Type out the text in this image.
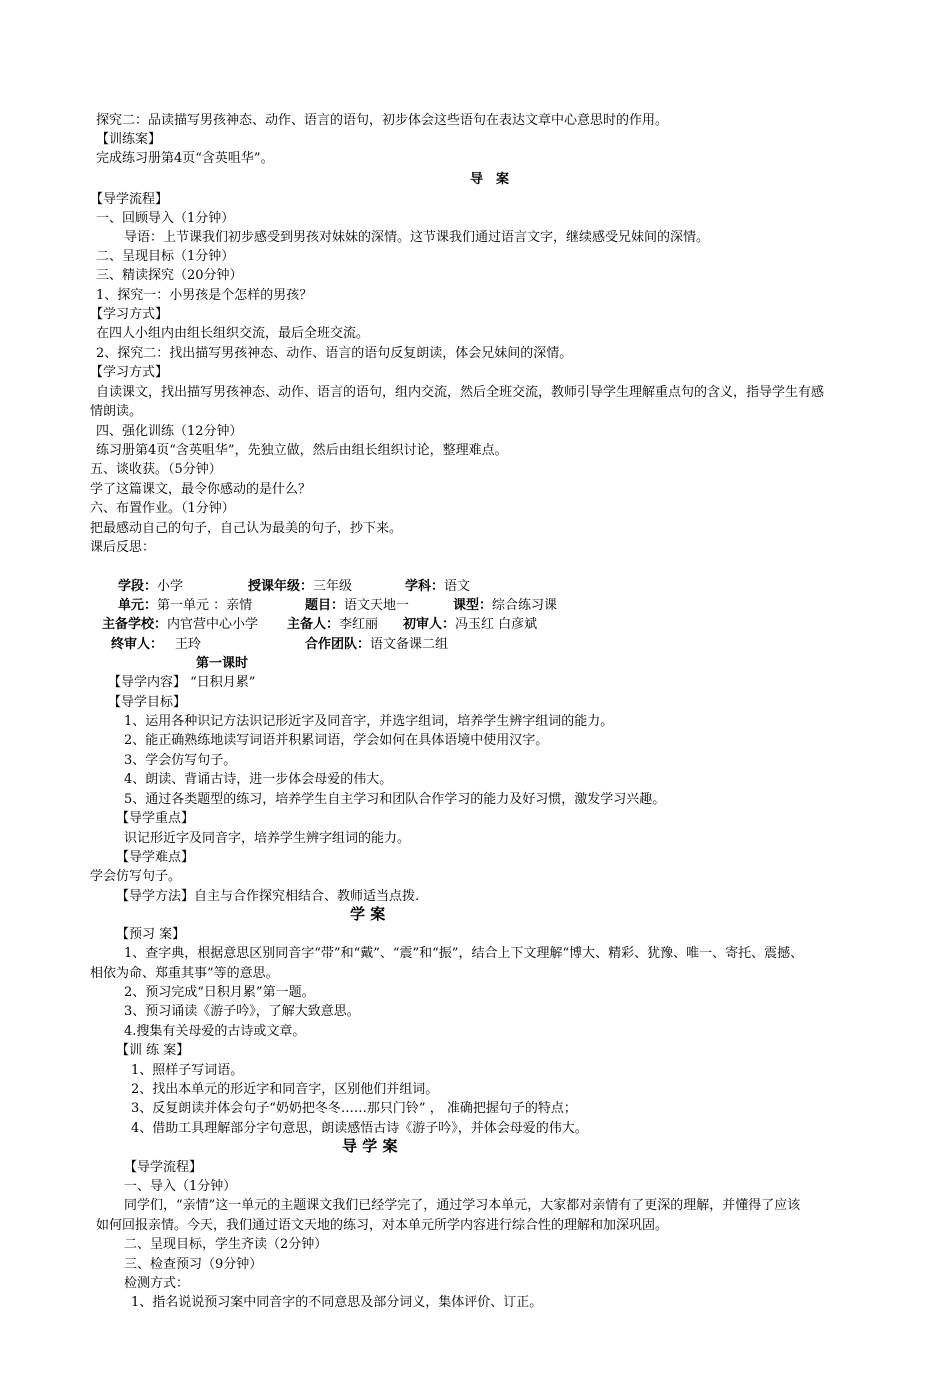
探究二：品读描写男孩神态、动作、语言的语句，初步体会这些语句在表达文章中心意思时的作用。
【训练案】
完成练习册第4页“含英咀华”。
导　案
【导学流程】
一、回顾导入（1分钟）
导语：上节课我们初步感受到男孩对妹妹的深情。这节课我们通过语言文字，继续感受兄妹间的深情。
二、呈现目标（1分钟）
三、精读探究（20分钟）
1、探究一：小男孩是个怎样的男孩？
【学习方式】
在四人小组内由组长组织交流，最后全班交流。
2、探究二：找出描写男孩神态、动作、语言的语句反复朗读，体会兄妹间的深情。
【学习方式】
自读课文，找出描写男孩神态、动作、语言的语句，组内交流，然后全班交流，教师引导学生理解重点句的含义，指导学生有感
情朗读。
四、强化训练（12分钟）
练习册第4页“含英咀华”，先独立做，然后由组长组织讨论，整理难点。
五、谈收获。（5分钟）
学了这篇课文，最令你感动的是什么？
六、布置作业。（1分钟）
把最感动自己的句子，自己认为最美的句子，抄下来。
课后反思：
学段：小学	授课年级：三年级	学科：语文
单元：第一单元 ：亲情	题目：语文天地一	课型：综合练习课
主备学校：内官营中心小学 主备人：李红丽 初审人：冯玉红 白彦斌
终审人： 王玲	合作团队：语文备课二组
第一课时
【导学内容】 “日积月累”
【导学目标】
1、运用各种识记方法识记形近字及同音字，并选字组词，培养学生辨字组词的能力。
2、能正确熟练地读写词语并积累词语，学会如何在具体语境中使用汉字。
3、学会仿写句子。
4、朗读、背诵古诗，进一步体会母爱的伟大。
5、通过各类题型的练习，培养学生自主学习和团队合作学习的能力及好习惯，激发学习兴趣。
【导学重点】
识记形近字及同音字，培养学生辨字组词的能力。
【导学难点】
学会仿写句子。
【导学方法】自主与合作探究相结合、教师适当点拨.
学 案
【预习 案】
1、查字典，根据意思区别同音字“带”和“戴”、“震”和“振”，结合上下文理解“博大、精彩、犹豫、唯一、寄托、震撼、
相依为命、郑重其事”等的意思。
2、预习完成“日积月累”第一题。
3、预习诵读《游子吟》，了解大致意思。
4.搜集有关母爱的古诗或文章。
【训 练 案】
1、照样子写词语。
2、找出本单元的形近字和同音字，区别他们并组词。
3、反复朗读并体会句子“奶奶把冬冬……那只门铃” ， 准确把握句子的特点；
4、借助工具理解部分字句意思，朗读感悟古诗《游子吟》，并体会母爱的伟大。
导 学 案
【导学流程】
一、导入（1分钟）
同学们，“亲情”这一单元的主题课文我们已经学完了，通过学习本单元，大家都对亲情有了更深的理解，并懂得了应该
如何回报亲情。今天，我们通过语文天地的练习，对本单元所学内容进行综合性的理解和加深巩固。
二、呈现目标，学生齐读（2分钟）
三、检查预习（9分钟）
检测方式：
1、指名说说预习案中同音字的不同意思及部分词义，集体评价、订正。
